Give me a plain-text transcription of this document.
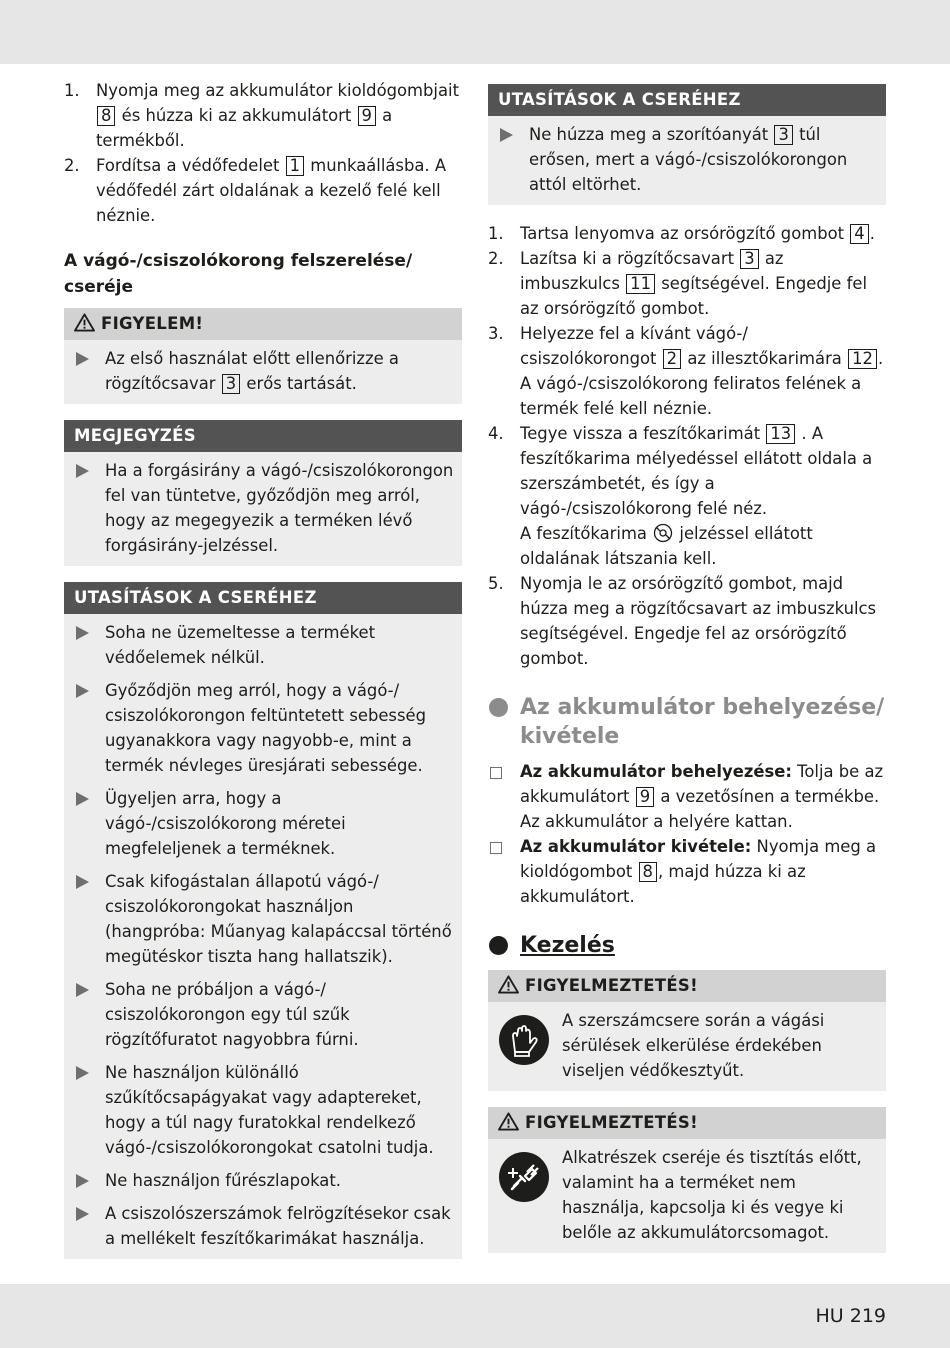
1. Nyomja meg az akkumulátor kioldógombjait 8 és húzza ki az akkumulátort 9 a termékből.
2. Fordítsa a védőfedelet 1 munkaállásba. A védőfedél zárt oldalának a kezelő felé kell néznie.
A vágó-/csiszolókorong felszerelése/ cseréje
FIGYELEM!
Az első használat előtt ellenőrizze a rögzítőcsavar 3 erős tartását.
MEGJEGYZÉS
Ha a forgásirány a vágó-/csiszolókorongon fel van tüntetve, győződjön meg arról, hogy az megegyezik a terméken lévő forgásirány-jelzéssel.
UTASÍTÁSOK A CSERÉHEZ
Soha ne üzemeltesse a terméket védőelemek nélkül.
Győződjön meg arról, hogy a vágó-/ csiszolókorongon feltüntetett sebesség ugyanakkora vagy nagyobb-e, mint a termék névleges üresjárati sebessége.
Ügyeljen arra, hogy a vágó-/csiszolókorong méretei megfeleljenek a terméknek.
Csak kifogástalan állapotú vágó-/ csiszolókorongokat használjon (hangpróba: Műanyag kalapáccsal történő megütéskor tiszta hang hallatszik).
Soha ne próbáljon a vágó-/ csiszolókorongon egy túl szűk rögzítőfuratot nagyobbra fúrni.
Ne használjon különálló szűkítőcsapágyakat vagy adaptereket, hogy a túl nagy furatokkal rendelkező vágó-/csiszolókorongokat csatolni tudja.
Ne használjon fűrészlapokat.
A csiszolószerszámok felrögzítésekor csak a mellékelt feszítőkarimákat használja.
UTASÍTÁSOK A CSERÉHEZ
Ne húzza meg a szorítóanyát 3 túl erősen, mert a vágó-/csiszolókorongon attól eltörhet.
1. Tartsa lenyomva az orsórögzítő gombot 4 .
2. Lazítsa ki a rögzítőcsavart 3 az imbuszkulcs 11 segítségével. Engedje fel az orsórögzítő gombot.
3. Helyezze fel a kívánt vágó-/ csiszolókorongot 2 az illesztőkarimára 12 . A vágó-/csiszolókorong feliratos felének a termék felé kell néznie.
4. Tegye vissza a feszítőkarimát 13 . A feszítőkarima mélyedéssel ellátott oldala a szerszámbetét, és így a vágó-/csiszolókorong felé néz.
A feszítőkarima  jelzéssel ellátott oldalának látszania kell.
5. Nyomja le az orsórögzítő gombot, majd húzza meg a rögzítőcsavart az imbuszkulcs segítségével. Engedje fel az orsórögzítő gombot.
Az akkumulátor behelyezése/ kivétele
Az akkumulátor behelyezése: Tolja be az akkumulátort 9 a vezetősínen a termékbe. Az akkumulátor a helyére kattan.
Az akkumulátor kivétele: Nyomja meg a kioldógombot 8 , majd húzza ki az akkumulátort.
Kezelés
FIGYELMEZTETÉS!
A szerszámcsere során a vágási sérülések elkerülése érdekében viseljen védőkesztyűt.
FIGYELMEZTETÉS!
Alkatrészek cseréje és tisztítás előtt, valamint ha a terméket nem használja, kapcsolja ki és vegye ki belőle az akkumulátorcsomagot.
HU 219
